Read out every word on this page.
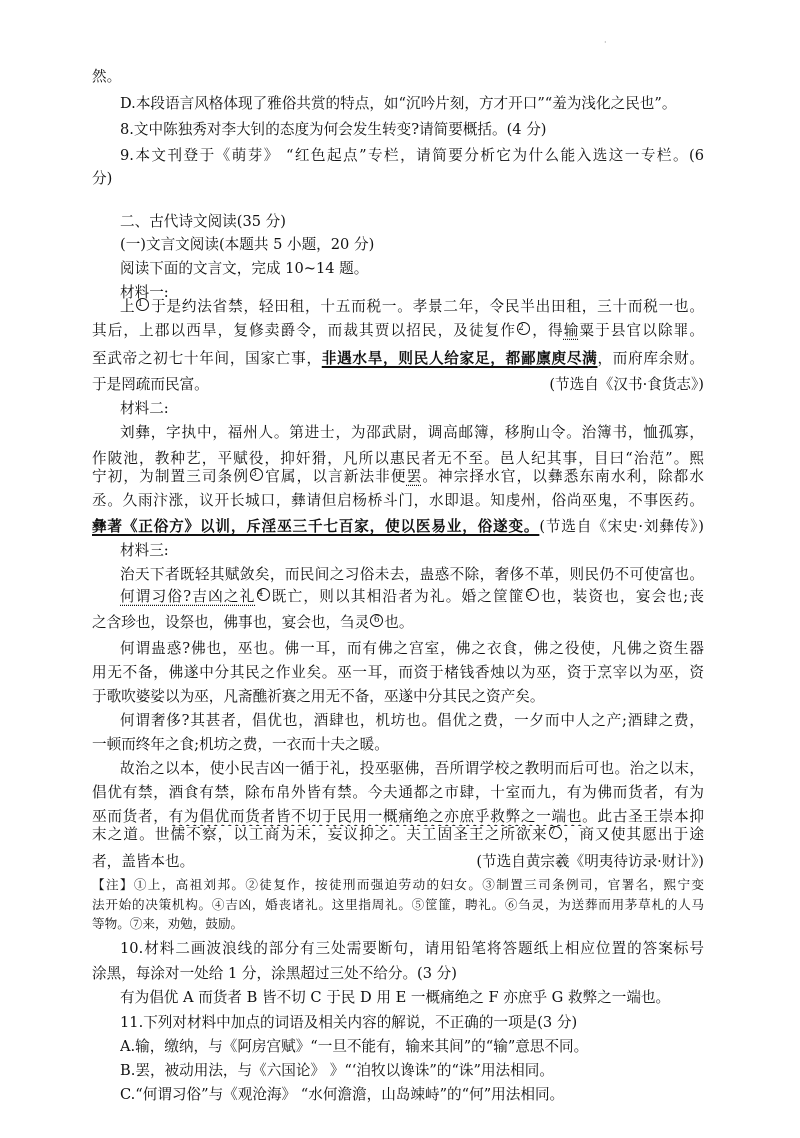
·
然。
D.本段语言风格体现了雅俗共赏的特点，如“沉吟片刻，方才开口”“羞为浅化之民也”。
8.文中陈独秀对李大钊的态度为何会发生转变?请简要概括。(4 分)
9.本文刊登于《萌芽》 “红色起点”专栏，请简要分析它为什么能入选这一专栏。(6
分)
二、古代诗文阅读(35 分)
(一)文言文阅读(本题共 5 小题，20 分)
阅读下面的文言文，完成 10~14 题。
材料一:
上 1 于是约法省禁，轻田租，十五而税一。孝景二年，令民半出田租，三十而税一也。
其后，上郡以西旱，复修卖爵令，而裁其贾以招民，及徒复作 2 ，得输粟于县官以除罪。
至武帝之初七十年间，国家亡事，非遇水旱，则民人给家足，都鄙廪庾尽满，而府库余财。
于是罔疏而民富。	(节选自《汉书·食货志》)
材料二:
刘彝，字执中，福州人。第进士，为邵武尉，调高邮簿，移朐山令。治簿书，恤孤寡，
作陂池，教种艺，平赋役，抑奸猾，凡所以惠民者无不至。邑人纪其事，目曰“治范”。熙
宁初，为制置三司条例 3 官属，以言新法非便罢。神宗择水官，以彝悉东南水利，除都水
丞。久雨汴涨，议开长城口，彝请但启杨桥斗门，水即退。知虔州，俗尚巫鬼，不事医药。
彝著《正俗方》以训，斥淫巫三千七百家，使以医易业，俗遂变。(节选自《宋史·刘彝传》)
材料三:
治天下者既轻其赋敛矣，而民间之习俗未去，蛊惑不除，奢侈不革，则民仍不可使富也。
何谓习俗?吉凶之礼 4 既亡，则以其相沿者为礼。婚之筐篚 5 也，装资也，宴会也;丧
之含珍也，设祭也，佛事也，宴会也，刍灵 6 也。
何谓蛊惑?佛也，巫也。佛一耳，而有佛之宫室，佛之衣食，佛之役使，凡佛之资生器
用无不备，佛遂中分其民之作业矣。巫一耳，而资于楮钱香烛以为巫，资于烹宰以为巫，资
于歌吹婆娑以为巫，凡斋醮祈赛之用无不备，巫遂中分其民之资产矣。
何谓奢侈?其甚者，倡优也，酒肆也，机坊也。倡优之费，一夕而中人之产;酒肆之费，
一顿而终年之食;机坊之费，一衣而十夫之暖。
故治之以本，使小民吉凶一循于礼，投巫驱佛，吾所谓学校之教明而后可也。治之以末，
倡优有禁，酒食有禁，除布帛外皆有禁。今夫通都之市肆，十室而九，有为佛而货者，有为
巫而货者，有为倡优而货者皆不切于民用一概痛绝之亦庶乎救弊之一端也。此古圣王崇本抑
末之道。世儒不察，以工商为末，妄议抑之。夫工固圣王之所欲来 7 ，商又使其愿出于途
者，盖皆本也。	(节选自黄宗羲《明夷待访录·财计》)
【注】①上，高祖刘邦。②徒复作，按徒刑而强迫劳动的妇女。③制置三司条例司，官署名，熙宁变
法开始的决策机构。④吉凶，婚丧诸礼。这里指周礼。⑤筐篚，聘礼。⑥刍灵，为送葬而用茅草札的人马
等物。⑦来，劝勉，鼓励。
10.材料二画波浪线的部分有三处需要断句，请用铅笔将答题纸上相应位置的答案标号
涂黑，每涂对一处给 1 分，涂黑超过三处不给分。(3 分)
有为倡优 A 而货者 B 皆不切 C 于民 D 用 E 一概痛绝之 F 亦庶乎 G 救弊之一端也。
11.下列对材料中加点的词语及相关内容的解说，不正确的一项是(3 分)
A.输，缴纳，与《阿房宫赋》“一旦不能有，输来其间”的“输”意思不同。
B.罢，被动用法，与《六国论》 》“‘洎牧以谗诛”的“诛”用法相同。
C.“何谓习俗”与《观沧海》 “水何澹澹，山岛竦峙”的“何”用法相同。
